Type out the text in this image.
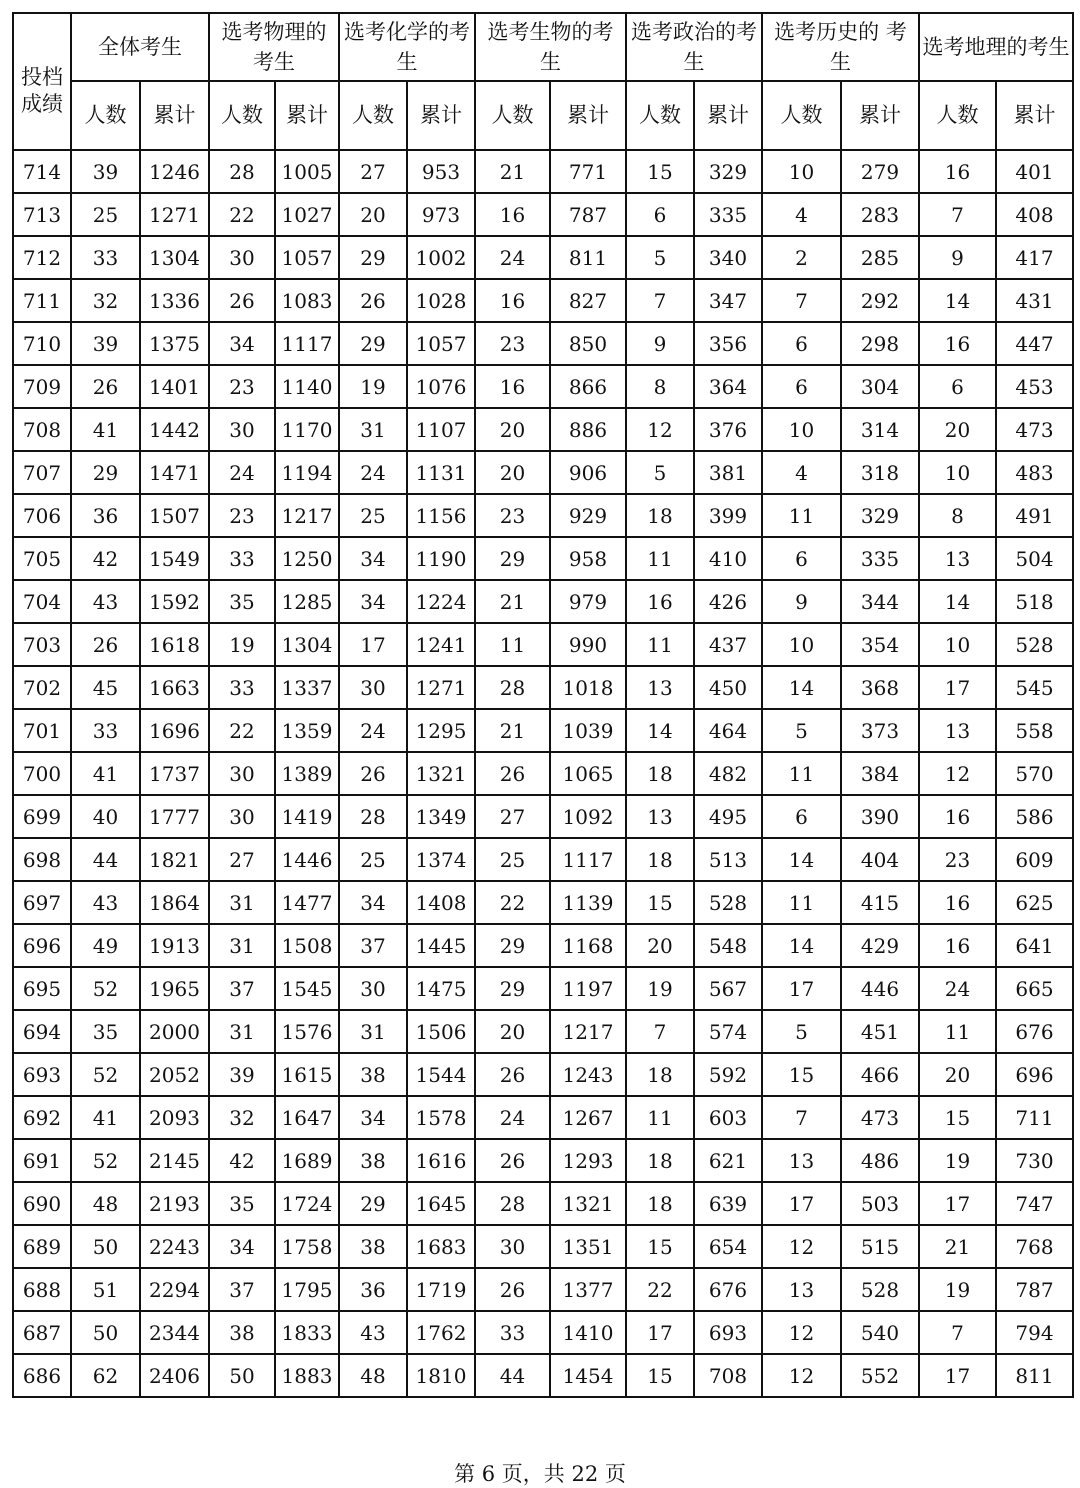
投档成绩	全体考生		选考物理的考生		选考化学的考生		选考生物的考生		选考政治的考生		选考历史的 考生		选考地理的考生	
	人数	累计	人数	累计	人数	累计	人数	累计	人数	累计	人数	累计	人数	累计
714	39	1246	28	1005	27	953	21	771	15	329	10	279	16	401
713	25	1271	22	1027	20	973	16	787	6	335	4	283	7	408
712	33	1304	30	1057	29	1002	24	811	5	340	2	285	9	417
711	32	1336	26	1083	26	1028	16	827	7	347	7	292	14	431
710	39	1375	34	1117	29	1057	23	850	9	356	6	298	16	447
709	26	1401	23	1140	19	1076	16	866	8	364	6	304	6	453
708	41	1442	30	1170	31	1107	20	886	12	376	10	314	20	473
707	29	1471	24	1194	24	1131	20	906	5	381	4	318	10	483
706	36	1507	23	1217	25	1156	23	929	18	399	11	329	8	491
705	42	1549	33	1250	34	1190	29	958	11	410	6	335	13	504
704	43	1592	35	1285	34	1224	21	979	16	426	9	344	14	518
703	26	1618	19	1304	17	1241	11	990	11	437	10	354	10	528
702	45	1663	33	1337	30	1271	28	1018	13	450	14	368	17	545
701	33	1696	22	1359	24	1295	21	1039	14	464	5	373	13	558
700	41	1737	30	1389	26	1321	26	1065	18	482	11	384	12	570
699	40	1777	30	1419	28	1349	27	1092	13	495	6	390	16	586
698	44	1821	27	1446	25	1374	25	1117	18	513	14	404	23	609
697	43	1864	31	1477	34	1408	22	1139	15	528	11	415	16	625
696	49	1913	31	1508	37	1445	29	1168	20	548	14	429	16	641
695	52	1965	37	1545	30	1475	29	1197	19	567	17	446	24	665
694	35	2000	31	1576	31	1506	20	1217	7	574	5	451	11	676
693	52	2052	39	1615	38	1544	26	1243	18	592	15	466	20	696
692	41	2093	32	1647	34	1578	24	1267	11	603	7	473	15	711
691	52	2145	42	1689	38	1616	26	1293	18	621	13	486	19	730
690	48	2193	35	1724	29	1645	28	1321	18	639	17	503	17	747
689	50	2243	34	1758	38	1683	30	1351	15	654	12	515	21	768
688	51	2294	37	1795	36	1719	26	1377	22	676	13	528	19	787
687	50	2344	38	1833	43	1762	33	1410	17	693	12	540	7	794
686	62	2406	50	1883	48	1810	44	1454	15	708	12	552	17	811
第 6 页，共 22 页
